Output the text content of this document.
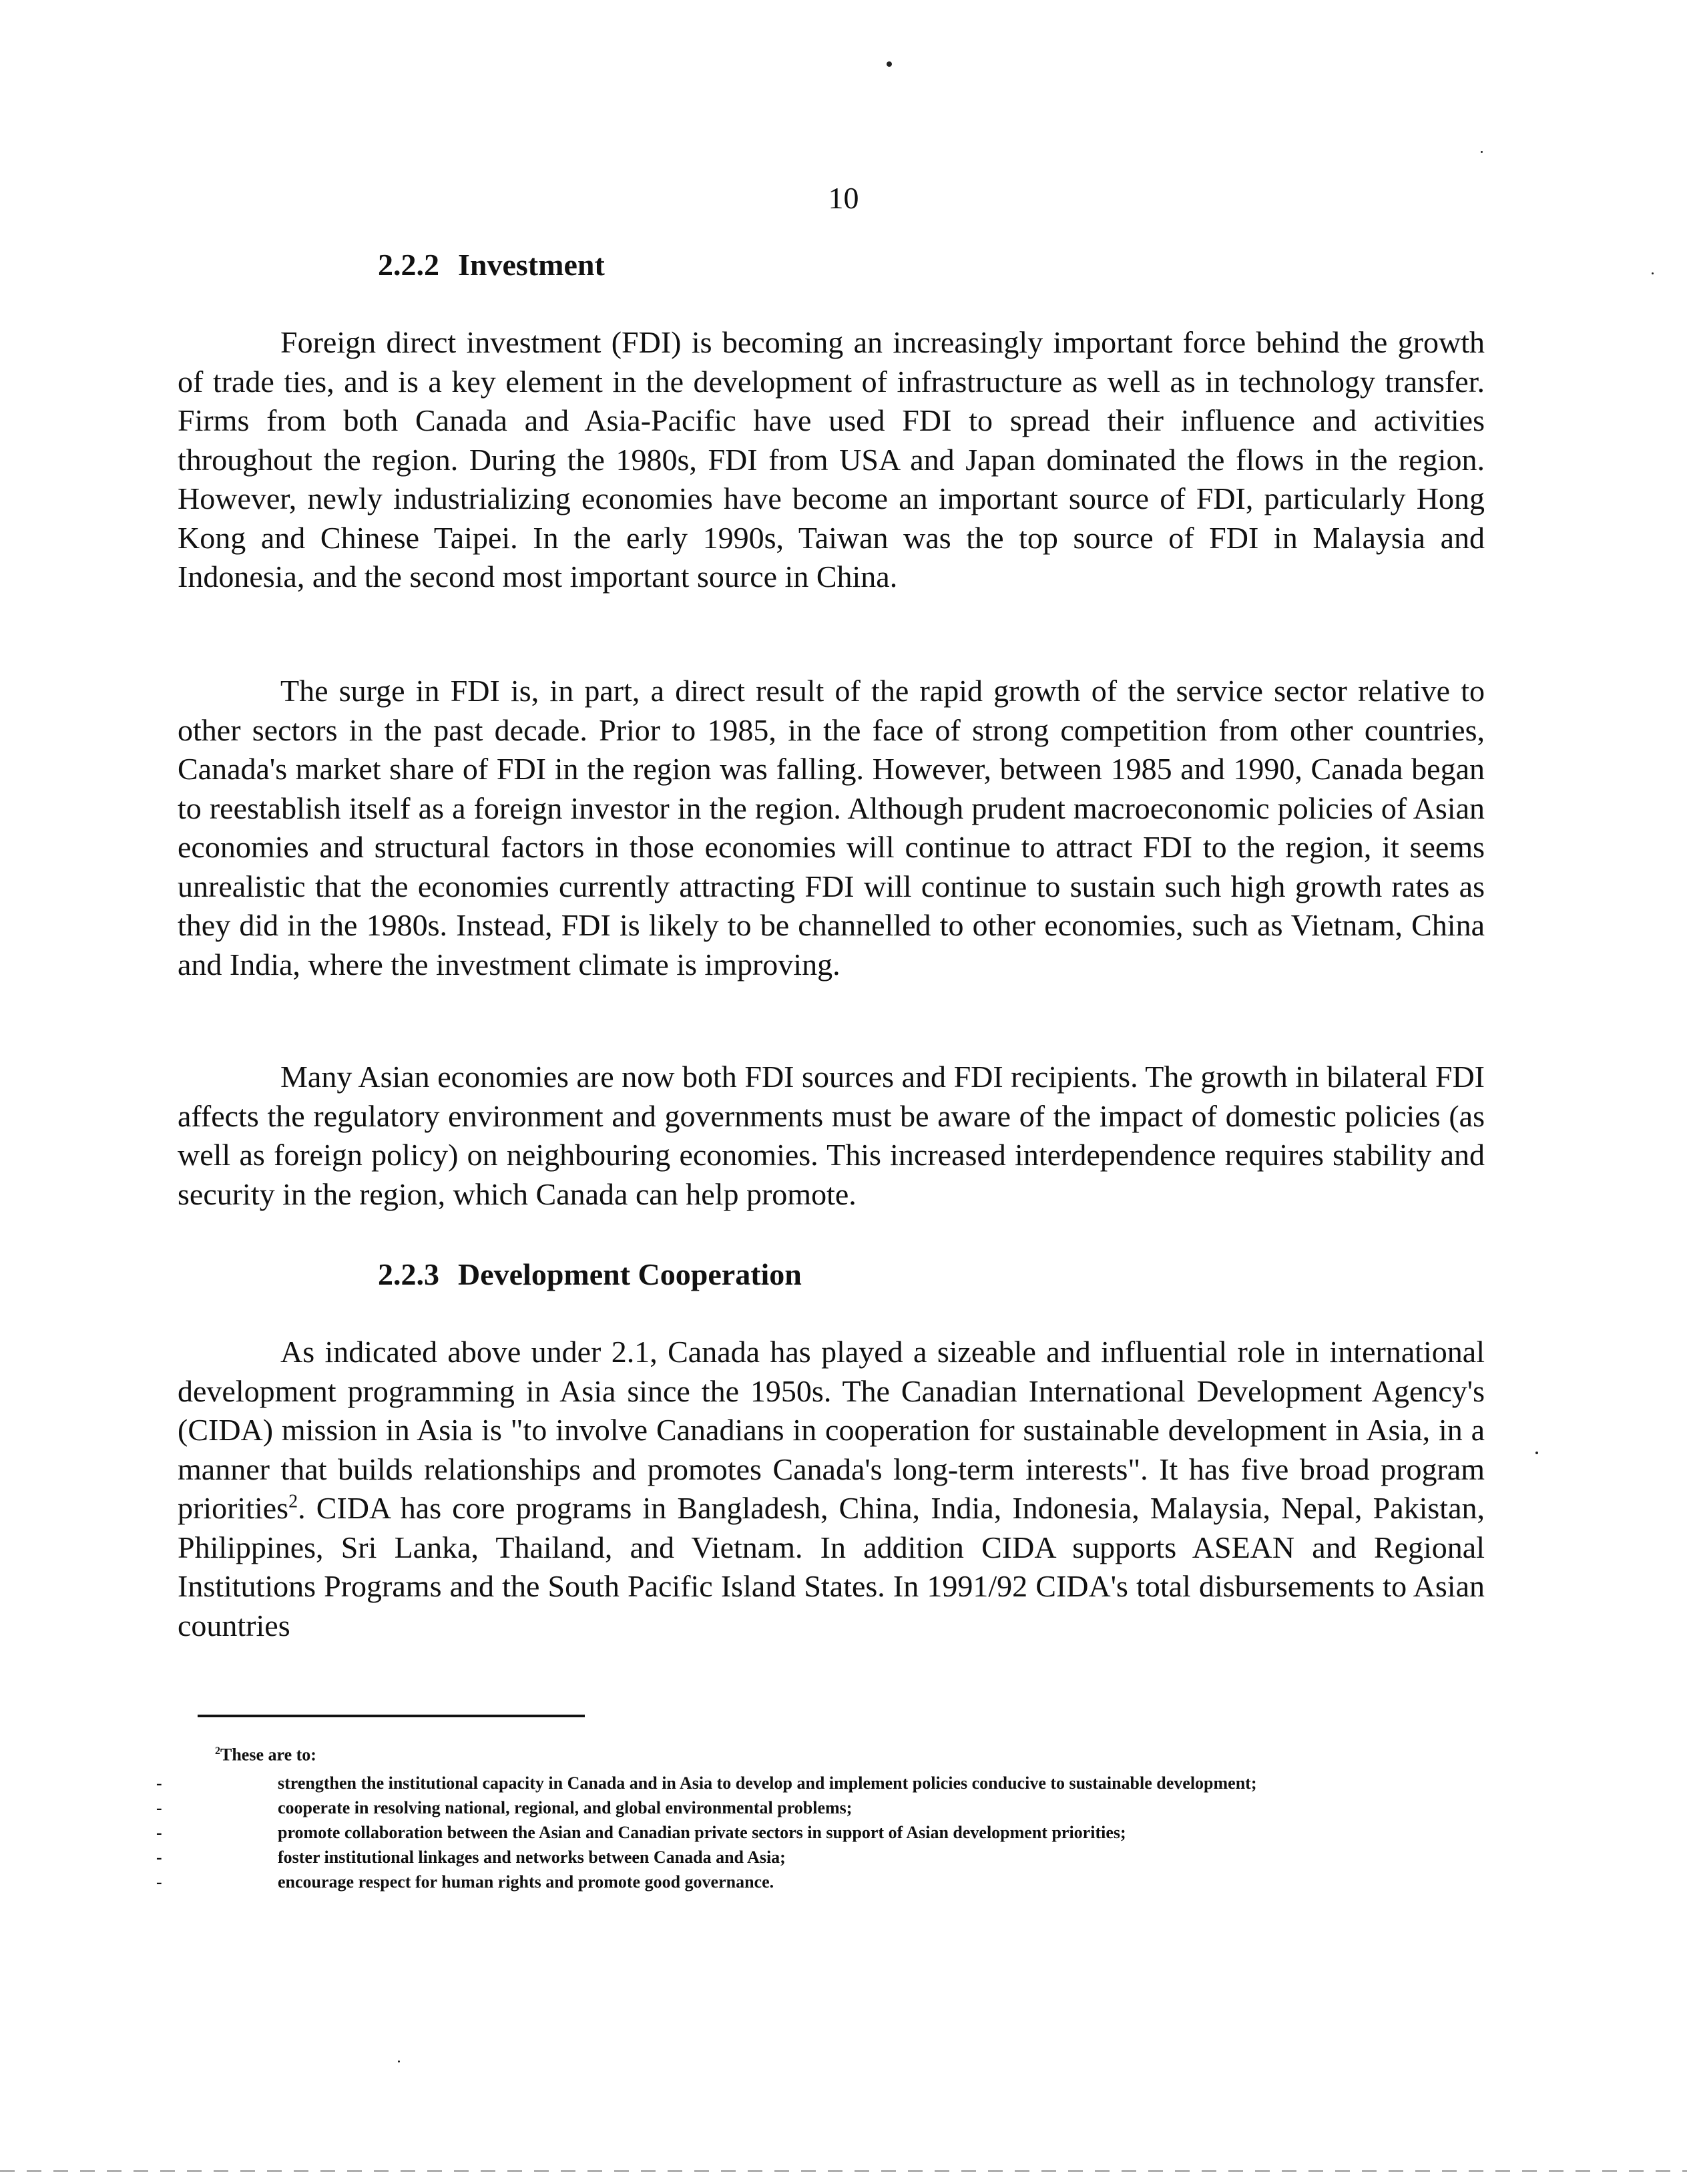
10

2.2.2 Investment

Foreign direct investment (FDI) is becoming an increasingly important force behind the growth of trade ties, and is a key element in the development of infrastructure as well as in technology transfer. Firms from both Canada and Asia-Pacific have used FDI to spread their influence and activities throughout the region. During the 1980s, FDI from USA and Japan dominated the flows in the region. However, newly industrializing economies have become an important source of FDI, particularly Hong Kong and Chinese Taipei. In the early 1990s, Taiwan was the top source of FDI in Malaysia and Indonesia, and the second most important source in China.

The surge in FDI is, in part, a direct result of the rapid growth of the service sector relative to other sectors in the past decade. Prior to 1985, in the face of strong competition from other countries, Canada's market share of FDI in the region was falling. However, between 1985 and 1990, Canada began to reestablish itself as a foreign investor in the region. Although prudent macroeconomic policies of Asian economies and structural factors in those economies will continue to attract FDI to the region, it seems unrealistic that the economies currently attracting FDI will continue to sustain such high growth rates as they did in the 1980s. Instead, FDI is likely to be channelled to other economies, such as Vietnam, China and India, where the investment climate is improving.

Many Asian economies are now both FDI sources and FDI recipients. The growth in bilateral FDI affects the regulatory environment and governments must be aware of the impact of domestic policies (as well as foreign policy) on neighbouring economies. This increased interdependence requires stability and security in the region, which Canada can help promote.

2.2.3 Development Cooperation

As indicated above under 2.1, Canada has played a sizeable and influential role in international development programming in Asia since the 1950s. The Canadian International Development Agency's (CIDA) mission in Asia is "to involve Canadians in cooperation for sustainable development in Asia, in a manner that builds relationships and promotes Canada's long-term interests". It has five broad program priorities$^2$. CIDA has core programs in Bangladesh, China, India, Indonesia, Malaysia, Nepal, Pakistan, Philippines, Sri Lanka, Thailand, and Vietnam. In addition CIDA supports ASEAN and Regional Institutions Programs and the South Pacific Island States. In 1991/92 CIDA's total disbursements to Asian countries

$^2$These are to:

-	strengthen the institutional capacity in Canada and in Asia to develop and implement policies conducive to sustainable development;
-	cooperate in resolving national, regional, and global environmental problems;
-	promote collaboration between the Asian and Canadian private sectors in support of Asian development priorities;
-	foster institutional linkages and networks between Canada and Asia;
-	encourage respect for human rights and promote good governance.
